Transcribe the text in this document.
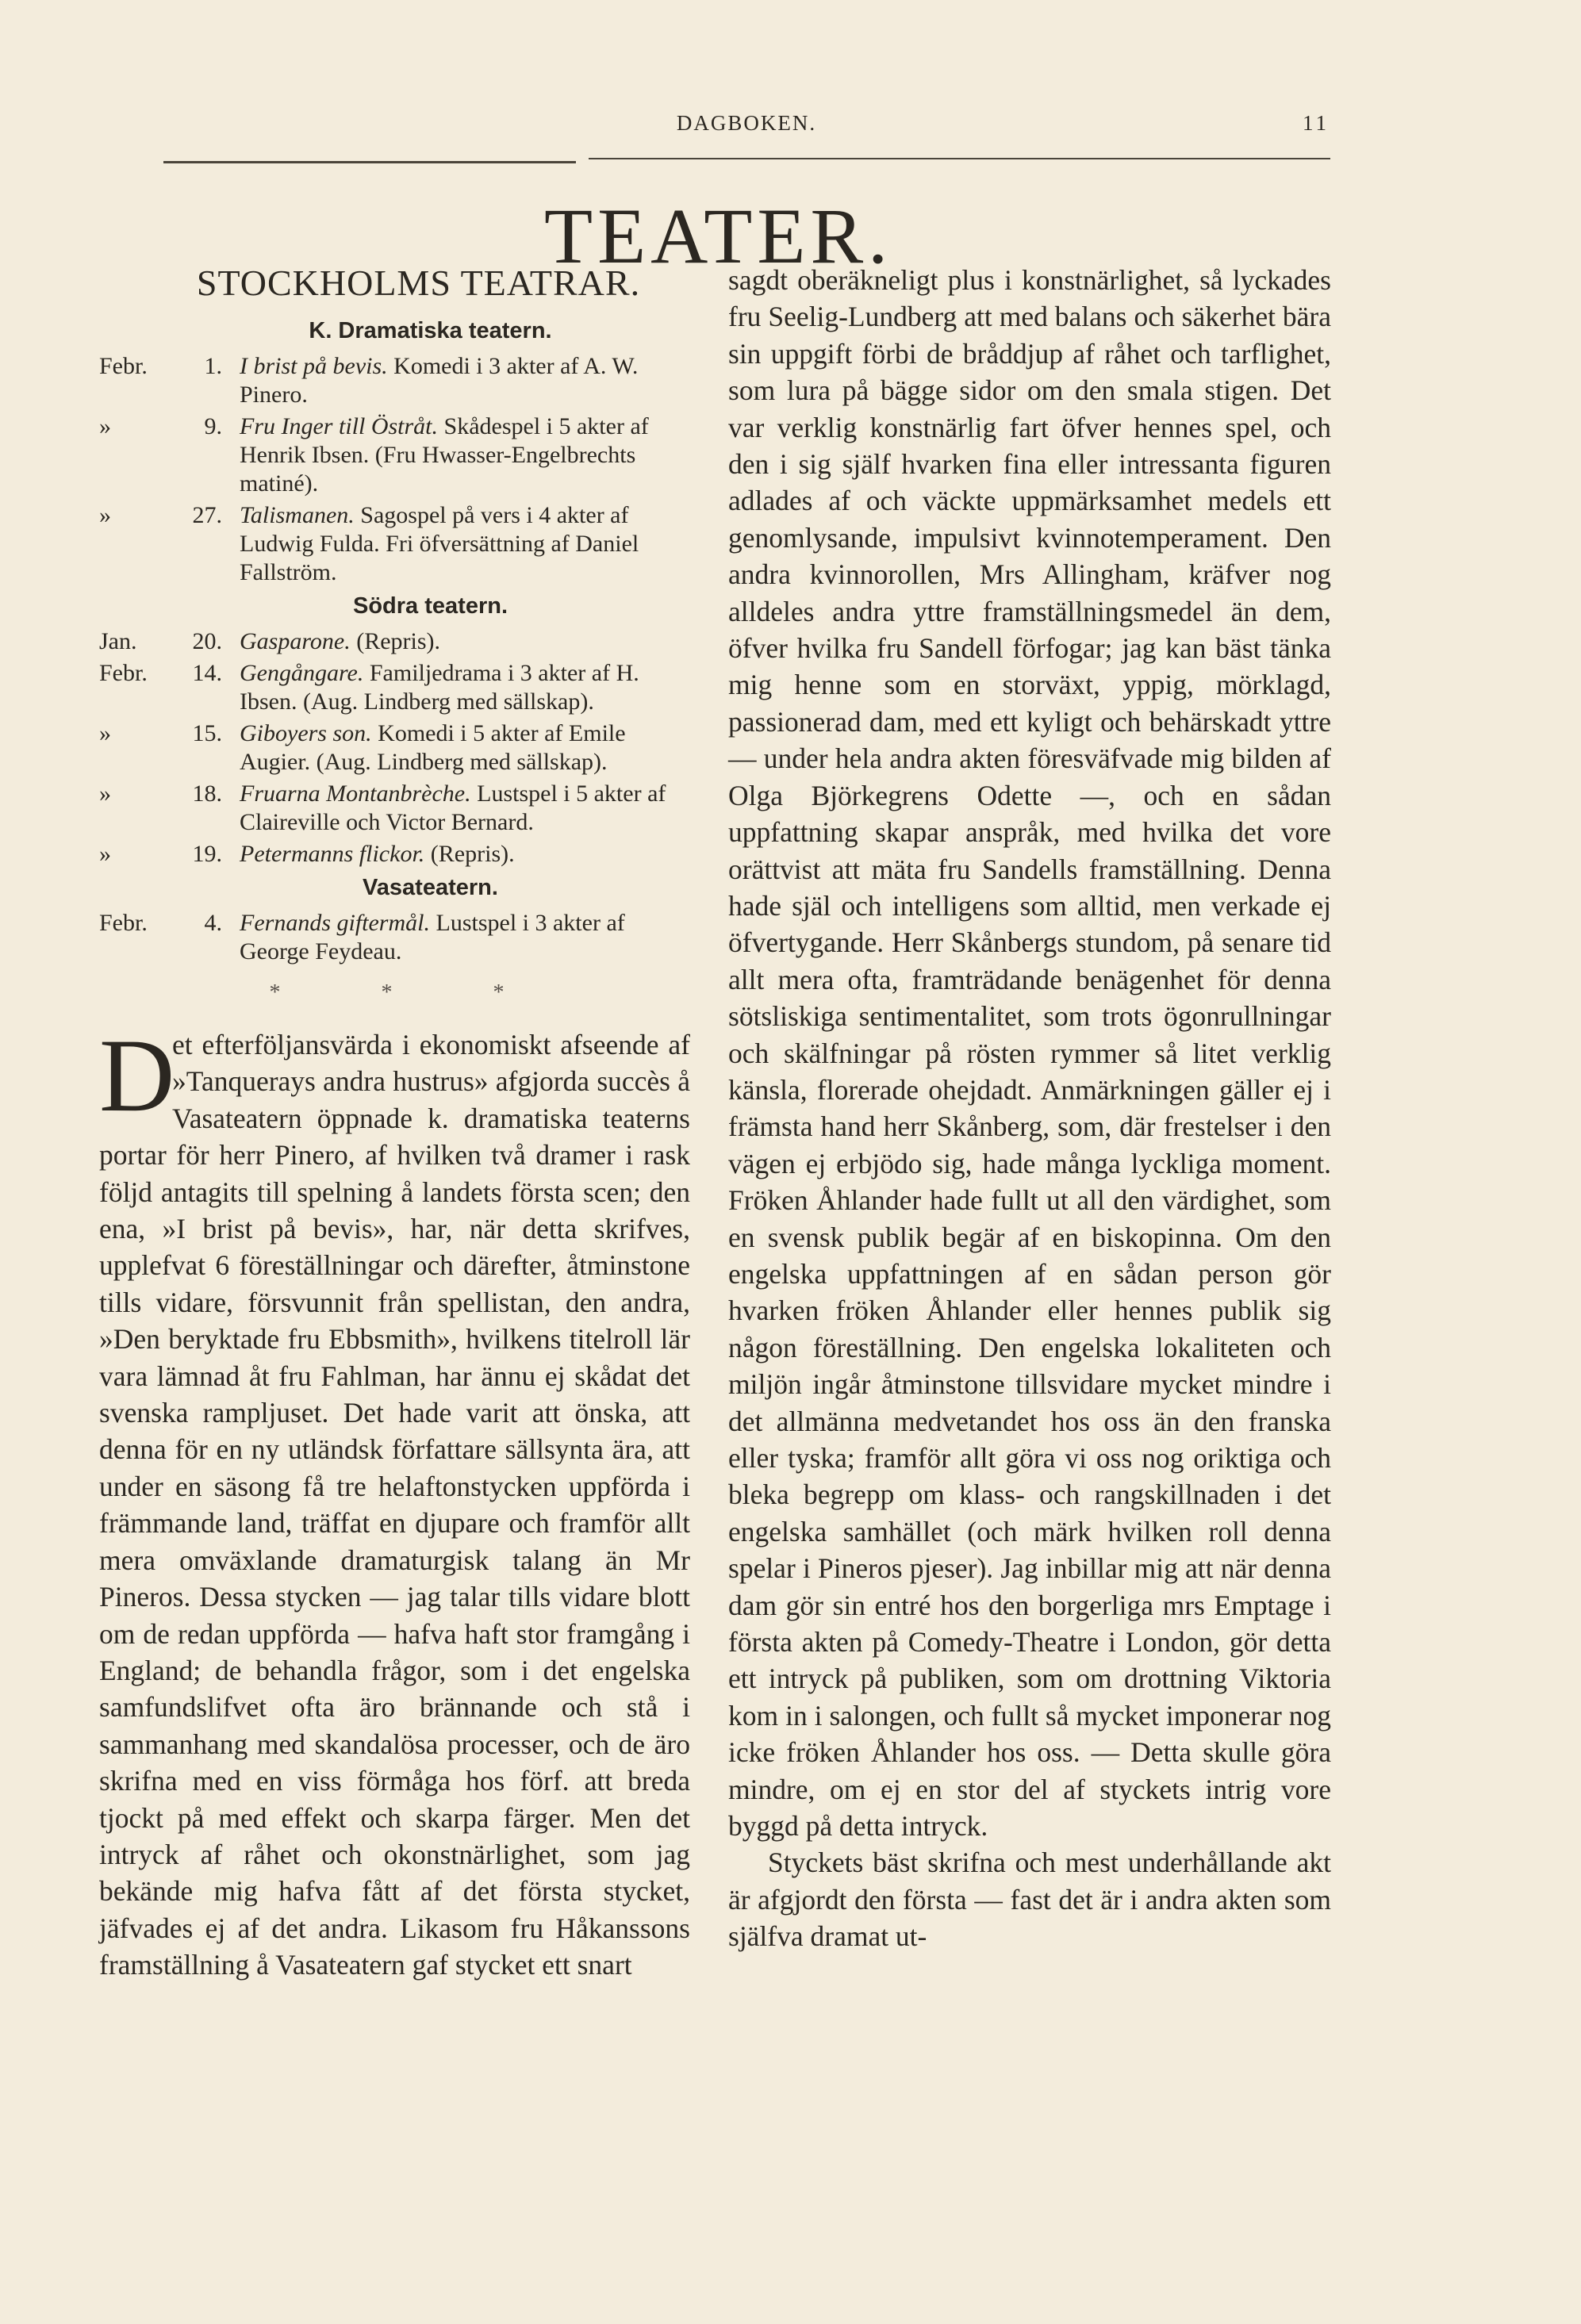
DAGBOKEN.	11
TEATER.
STOCKHOLMS TEATRAR.
K. Dramatiska teatern.
Febr.	1. I brist på bevis. Komedi i 3 akter af A. W. Pinero.
»	9. Fru Inger till Östråt. Skådespel i 5 akter af Henrik Ibsen. (Fru Hwasser-Engelbrechts matiné).
»	27. Talismanen. Sagospel på vers i 4 akter af Ludwig Fulda. Fri öfversättning af Daniel Fallström.
Södra teatern.
Jan.	20. Gasparone. (Repris).
Febr.	14. Gengångare. Familjedrama i 3 akter af H. Ibsen. (Aug. Lindberg med sällskap).
»	15. Giboyers son. Komedi i 5 akter af Emile Augier. (Aug. Lindberg med sällskap).
»	18. Fruarna Montanbrèche. Lustspel i 5 akter af Claireville och Victor Bernard.
»	19. Petermanns flickor. (Repris).
Vasateatern.
Febr.	4. Fernands giftermål. Lustspel i 3 akter af George Feydeau.
* * *

D
et efterföljansvärda i ekonomiskt afseende af »Tanquerays andra hustrus» afgjorda succès å Vasateatern öppnade k. dramatiska teaterns portar för herr Pinero, af hvilken två dramer i rask följd antagits till spelning å landets första scen; den ena, »I brist på bevis», har, när detta skrifves, upplefvat 6 föreställningar och därefter, åtminstone tills vidare, försvunnit från spellistan, den andra, »Den beryktade fru Ebbsmith», hvilkens titelroll lär vara lämnad åt fru Fahlman, har ännu ej skådat det svenska rampljuset. Det hade varit att önska, att denna för en ny utländsk författare sällsynta ära, att under en säsong få tre helaftonstycken uppförda i främmande land, träffat en djupare och framför allt mera omväxlande dramaturgisk talang än Mr Pineros. Dessa stycken — jag talar tills vidare blott om de redan uppförda — hafva haft stor framgång i England; de behandla frågor, som i det engelska samfundslifvet ofta äro brännande och stå i sammanhang med skandalösa processer, och de äro skrifna med en viss förmåga hos förf. att breda tjockt på med effekt och skarpa färger. Men det intryck af råhet och okonstnärlighet, som jag bekände mig hafva fått af det första stycket, jäfvades ej af det andra. Likasom fru Håkanssons framställning å Vasateatern gaf stycket ett snart

sagdt oberäkneligt plus i konstnärlighet, så lyckades fru Seelig-Lundberg att med balans och säkerhet bära sin uppgift förbi de bråddjup af råhet och tarflighet, som lura på bägge sidor om den smala stigen. Det var verklig konstnärlig fart öfver hennes spel, och den i sig själf hvarken fina eller intressanta figuren adlades af och väckte uppmärksamhet medels ett genomlysande, impulsivt kvinnotemperament. Den andra kvinnorollen, Mrs Allingham, kräfver nog alldeles andra yttre framställningsmedel än dem, öfver hvilka fru Sandell förfogar; jag kan bäst tänka mig henne som en storväxt, yppig, mörklagd, passionerad dam, med ett kyligt och behärskadt yttre — under hela andra akten föresväfvade mig bilden af Olga Björkegrens Odette —, och en sådan uppfattning skapar anspråk, med hvilka det vore orättvist att mäta fru Sandells framställning. Denna hade själ och intelligens som alltid, men verkade ej öfvertygande. Herr Skånbergs stundom, på senare tid allt mera ofta, framträdande benägenhet för denna sötsliskiga sentimentalitet, som trots ögonrullningar och skälfningar på rösten rymmer så litet verklig känsla, florerade ohejdadt. Anmärkningen gäller ej i främsta hand herr Skånberg, som, där frestelser i den vägen ej erbjödo sig, hade många lyckliga moment. Fröken Åhlander hade fullt ut all den värdighet, som en svensk publik begär af en biskopinna. Om den engelska uppfattningen af en sådan person gör hvarken fröken Åhlander eller hennes publik sig någon föreställning. Den engelska lokaliteten och miljön ingår åtminstone tillsvidare mycket mindre i det allmänna medvetandet hos oss än den franska eller tyska; framför allt göra vi oss nog oriktiga och bleka begrepp om klass- och rangskillnaden i det engelska samhället (och märk hvilken roll denna spelar i Pineros pjeser). Jag inbillar mig att när denna dam gör sin entré hos den borgerliga mrs Emptage i första akten på Comedy-Theatre i London, gör detta ett intryck på publiken, som om drottning Viktoria kom in i salongen, och fullt så mycket imponerar nog icke fröken Åhlander hos oss. — Detta skulle göra mindre, om ej en stor del af styckets intrig vore byggd på detta intryck.

Styckets bäst skrifna och mest underhållande akt är afgjordt den första — fast det är i andra akten som själfva dramat ut-
